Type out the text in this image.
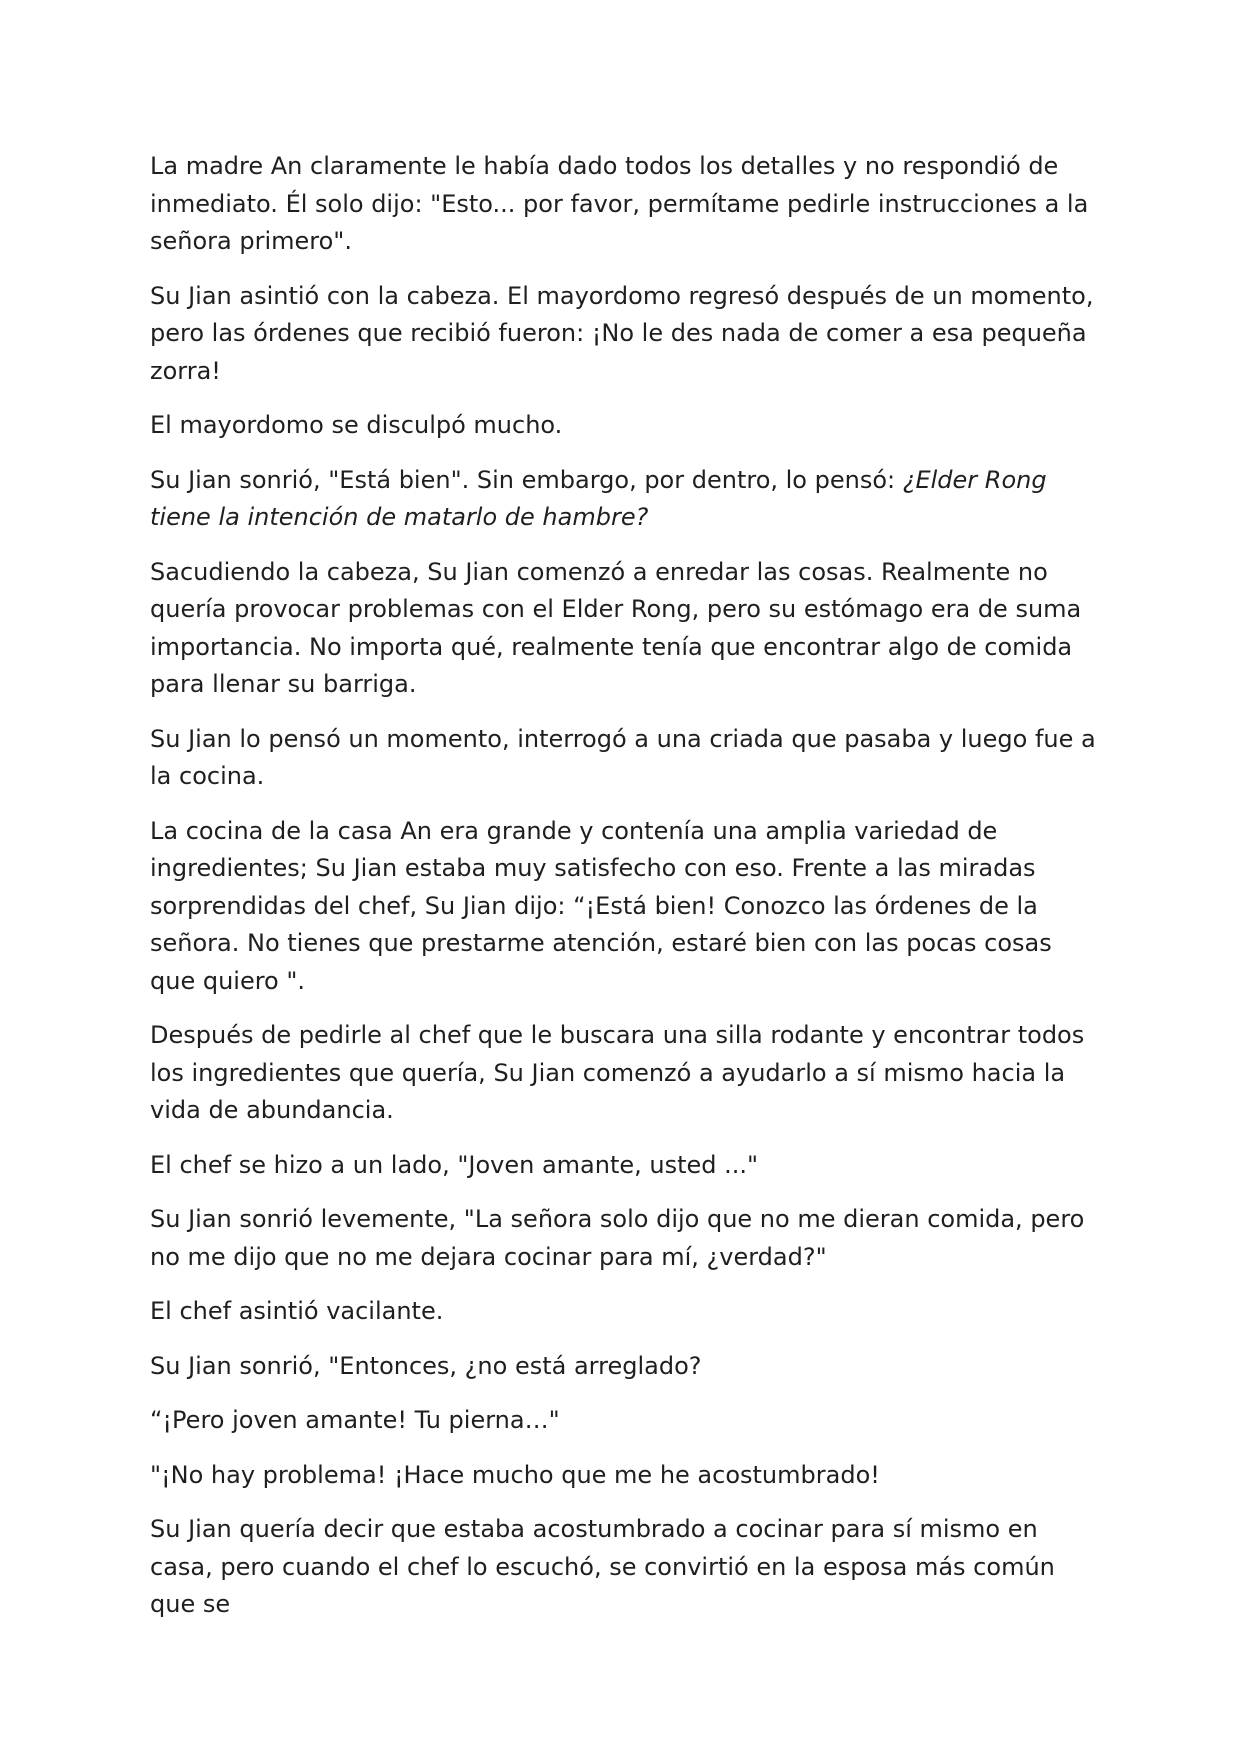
La madre An claramente le había dado todos los detalles y no respondió de inmediato. Él solo dijo: "Esto... por favor, permítame pedirle instrucciones a la señora primero".

Su Jian asintió con la cabeza. El mayordomo regresó después de un momento, pero las órdenes que recibió fueron: ¡No le des nada de comer a esa pequeña zorra!

El mayordomo se disculpó mucho.

Su Jian sonrió, "Está bien". Sin embargo, por dentro, lo pensó: ¿Elder Rong tiene la intención de matarlo de hambre?

Sacudiendo la cabeza, Su Jian comenzó a enredar las cosas. Realmente no quería provocar problemas con el Elder Rong, pero su estómago era de suma importancia. No importa qué, realmente tenía que encontrar algo de comida para llenar su barriga.

Su Jian lo pensó un momento, interrogó a una criada que pasaba y luego fue a la cocina.

La cocina de la casa An era grande y contenía una amplia variedad de ingredientes; Su Jian estaba muy satisfecho con eso. Frente a las miradas sorprendidas del chef, Su Jian dijo: “¡Está bien! Conozco las órdenes de la señora. No tienes que prestarme atención, estaré bien con las pocas cosas que quiero ".

Después de pedirle al chef que le buscara una silla rodante y encontrar todos los ingredientes que quería, Su Jian comenzó a ayudarlo a sí mismo hacia la vida de abundancia.

El chef se hizo a un lado, "Joven amante, usted ..."

Su Jian sonrió levemente, "La señora solo dijo que no me dieran comida, pero no me dijo que no me dejara cocinar para mí, ¿verdad?"

El chef asintió vacilante.

Su Jian sonrió, "Entonces, ¿no está arreglado?

“¡Pero joven amante! Tu pierna…"

"¡No hay problema! ¡Hace mucho que me he acostumbrado!

Su Jian quería decir que estaba acostumbrado a cocinar para sí mismo en casa, pero cuando el chef lo escuchó, se convirtió en la esposa más común que se
